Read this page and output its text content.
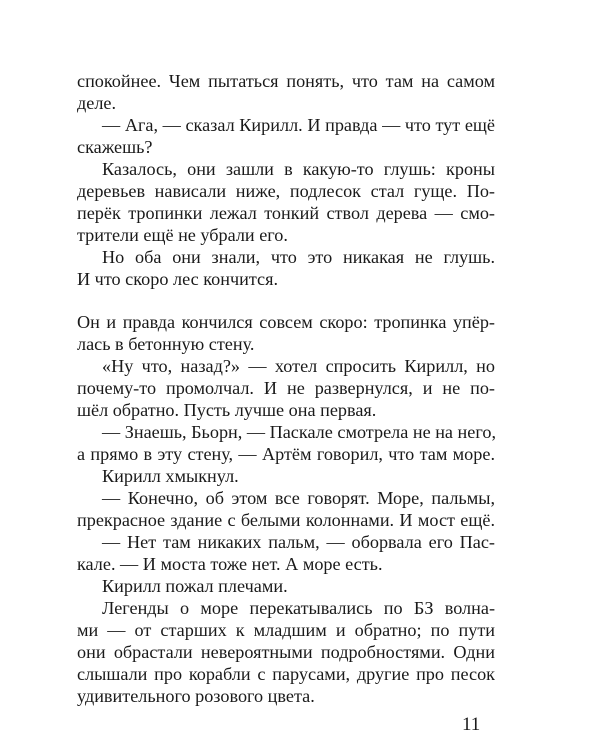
спокойнее. Чем пытаться понять, что там на самом
деле.
— Ага, — сказал Кирилл. И правда — что тут ещё
скажешь?
Казалось, они зашли в какую-то глушь: кроны
деревьев нависали ниже, подлесок стал гуще. По-
перёк тропинки лежал тонкий ствол дерева — смо-
трители ещё не убрали его.
Но оба они знали, что это никакая не глушь.
И что скоро лес кончится.
Он и правда кончился совсем скоро: тропинка упёр-
лась в бетонную стену.
«Ну что, назад?» — хотел спросить Кирилл, но
почему-то промолчал. И не развернулся, и не по-
шёл обратно. Пусть лучше она первая.
— Знаешь, Бьорн, — Паскале смотрела не на него,
а прямо в эту стену, — Артём говорил, что там море.
Кирилл хмыкнул.
— Конечно, об этом все говорят. Море, пальмы,
прекрасное здание с белыми колоннами. И мост ещё.
— Нет там никаких пальм, — оборвала его Пас-
кале. — И моста тоже нет. А море есть.
Кирилл пожал плечами.
Легенды о море перекатывались по БЗ волна-
ми — от старших к младшим и обратно; по пути
они обрастали невероятными подробностями. Одни
слышали про корабли с парусами, другие про песок
удивительного розового цвета.
11
